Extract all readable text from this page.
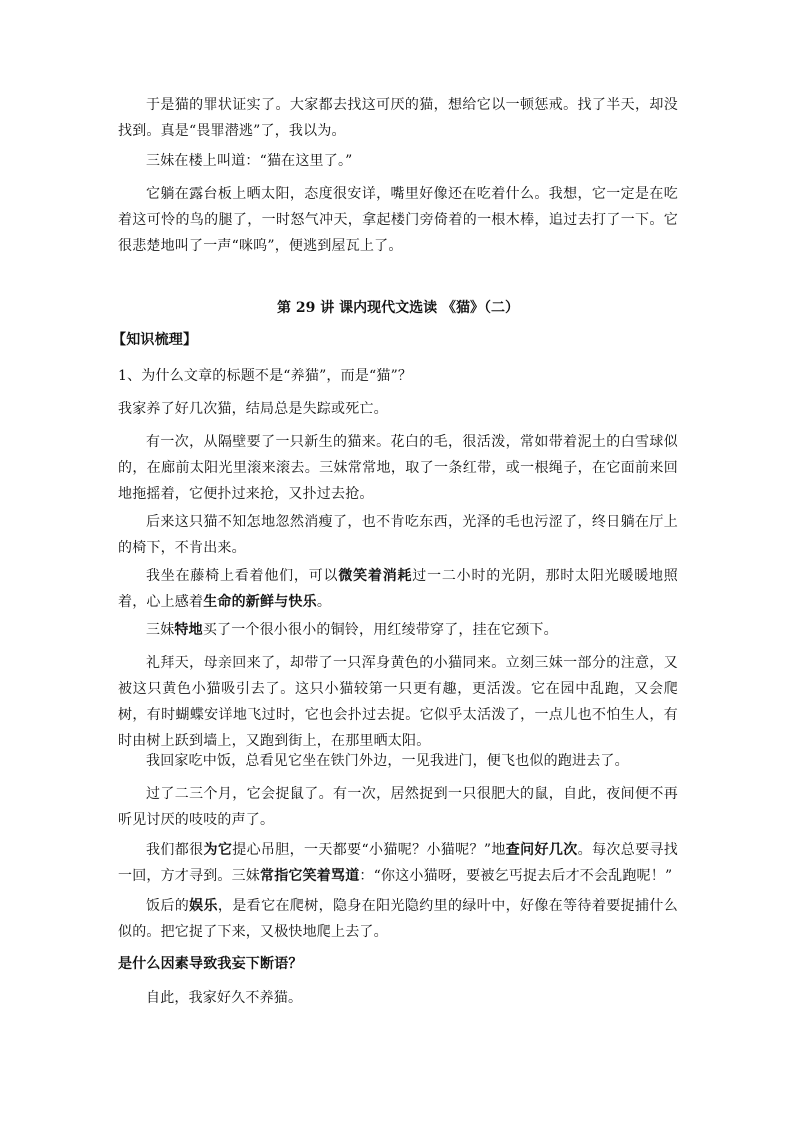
于是猫的罪状证实了。大家都去找这可厌的猫，想给它以一顿惩戒。找了半天，却没找到。真是“畏罪潜逃”了，我以为。

三妹在楼上叫道：“猫在这里了。”

它躺在露台板上晒太阳，态度很安详，嘴里好像还在吃着什么。我想，它一定是在吃着这可怜的鸟的腿了，一时怒气冲天，拿起楼门旁倚着的一根木棒，追过去打了一下。它很悲楚地叫了一声“咪呜”，便逃到屋瓦上了。

第 29 讲 课内现代文选读 《猫》（二）

【知识梳理】

1、为什么文章的标题不是“养猫”，而是“猫”？

我家养了好几次猫，结局总是失踪或死亡。

有一次，从隔壁要了一只新生的猫来。花白的毛，很活泼，常如带着泥土的白雪球似的，在廊前太阳光里滚来滚去。三妹常常地，取了一条红带，或一根绳子，在它面前来回地拖摇着，它便扑过来抢，又扑过去抢。

后来这只猫不知怎地忽然消瘦了，也不肯吃东西，光泽的毛也污涩了，终日躺在厅上的椅下，不肯出来。

我坐在藤椅上看着他们，可以微笑着消耗过一二小时的光阴，那时太阳光暖暖地照着，心上感着生命的新鲜与快乐。

三妹特地买了一个很小很小的铜铃，用红绫带穿了，挂在它颈下。

礼拜天，母亲回来了，却带了一只浑身黄色的小猫同来。立刻三妹一部分的注意，又被这只黄色小猫吸引去了。这只小猫较第一只更有趣，更活泼。它在园中乱跑，又会爬树，有时蝴蝶安详地飞过时，它也会扑过去捉。它似乎太活泼了，一点儿也不怕生人，有时由树上跃到墙上，又跑到街上，在那里晒太阳。

我回家吃中饭，总看见它坐在铁门外边，一见我进门，便飞也似的跑进去了。

过了二三个月，它会捉鼠了。有一次，居然捉到一只很肥大的鼠，自此，夜间便不再听见讨厌的吱吱的声了。

我们都很为它提心吊胆，一天都要“小猫呢？小猫呢？”地查问好几次。每次总要寻找一回，方才寻到。三妹常指它笑着骂道：“你这小猫呀，要被乞丐捉去后才不会乱跑呢！”

饭后的娱乐，是看它在爬树，隐身在阳光隐约里的绿叶中，好像在等待着要捉捕什么似的。把它捉了下来，又极快地爬上去了。

是什么因素导致我妄下断语？

自此，我家好久不养猫。
